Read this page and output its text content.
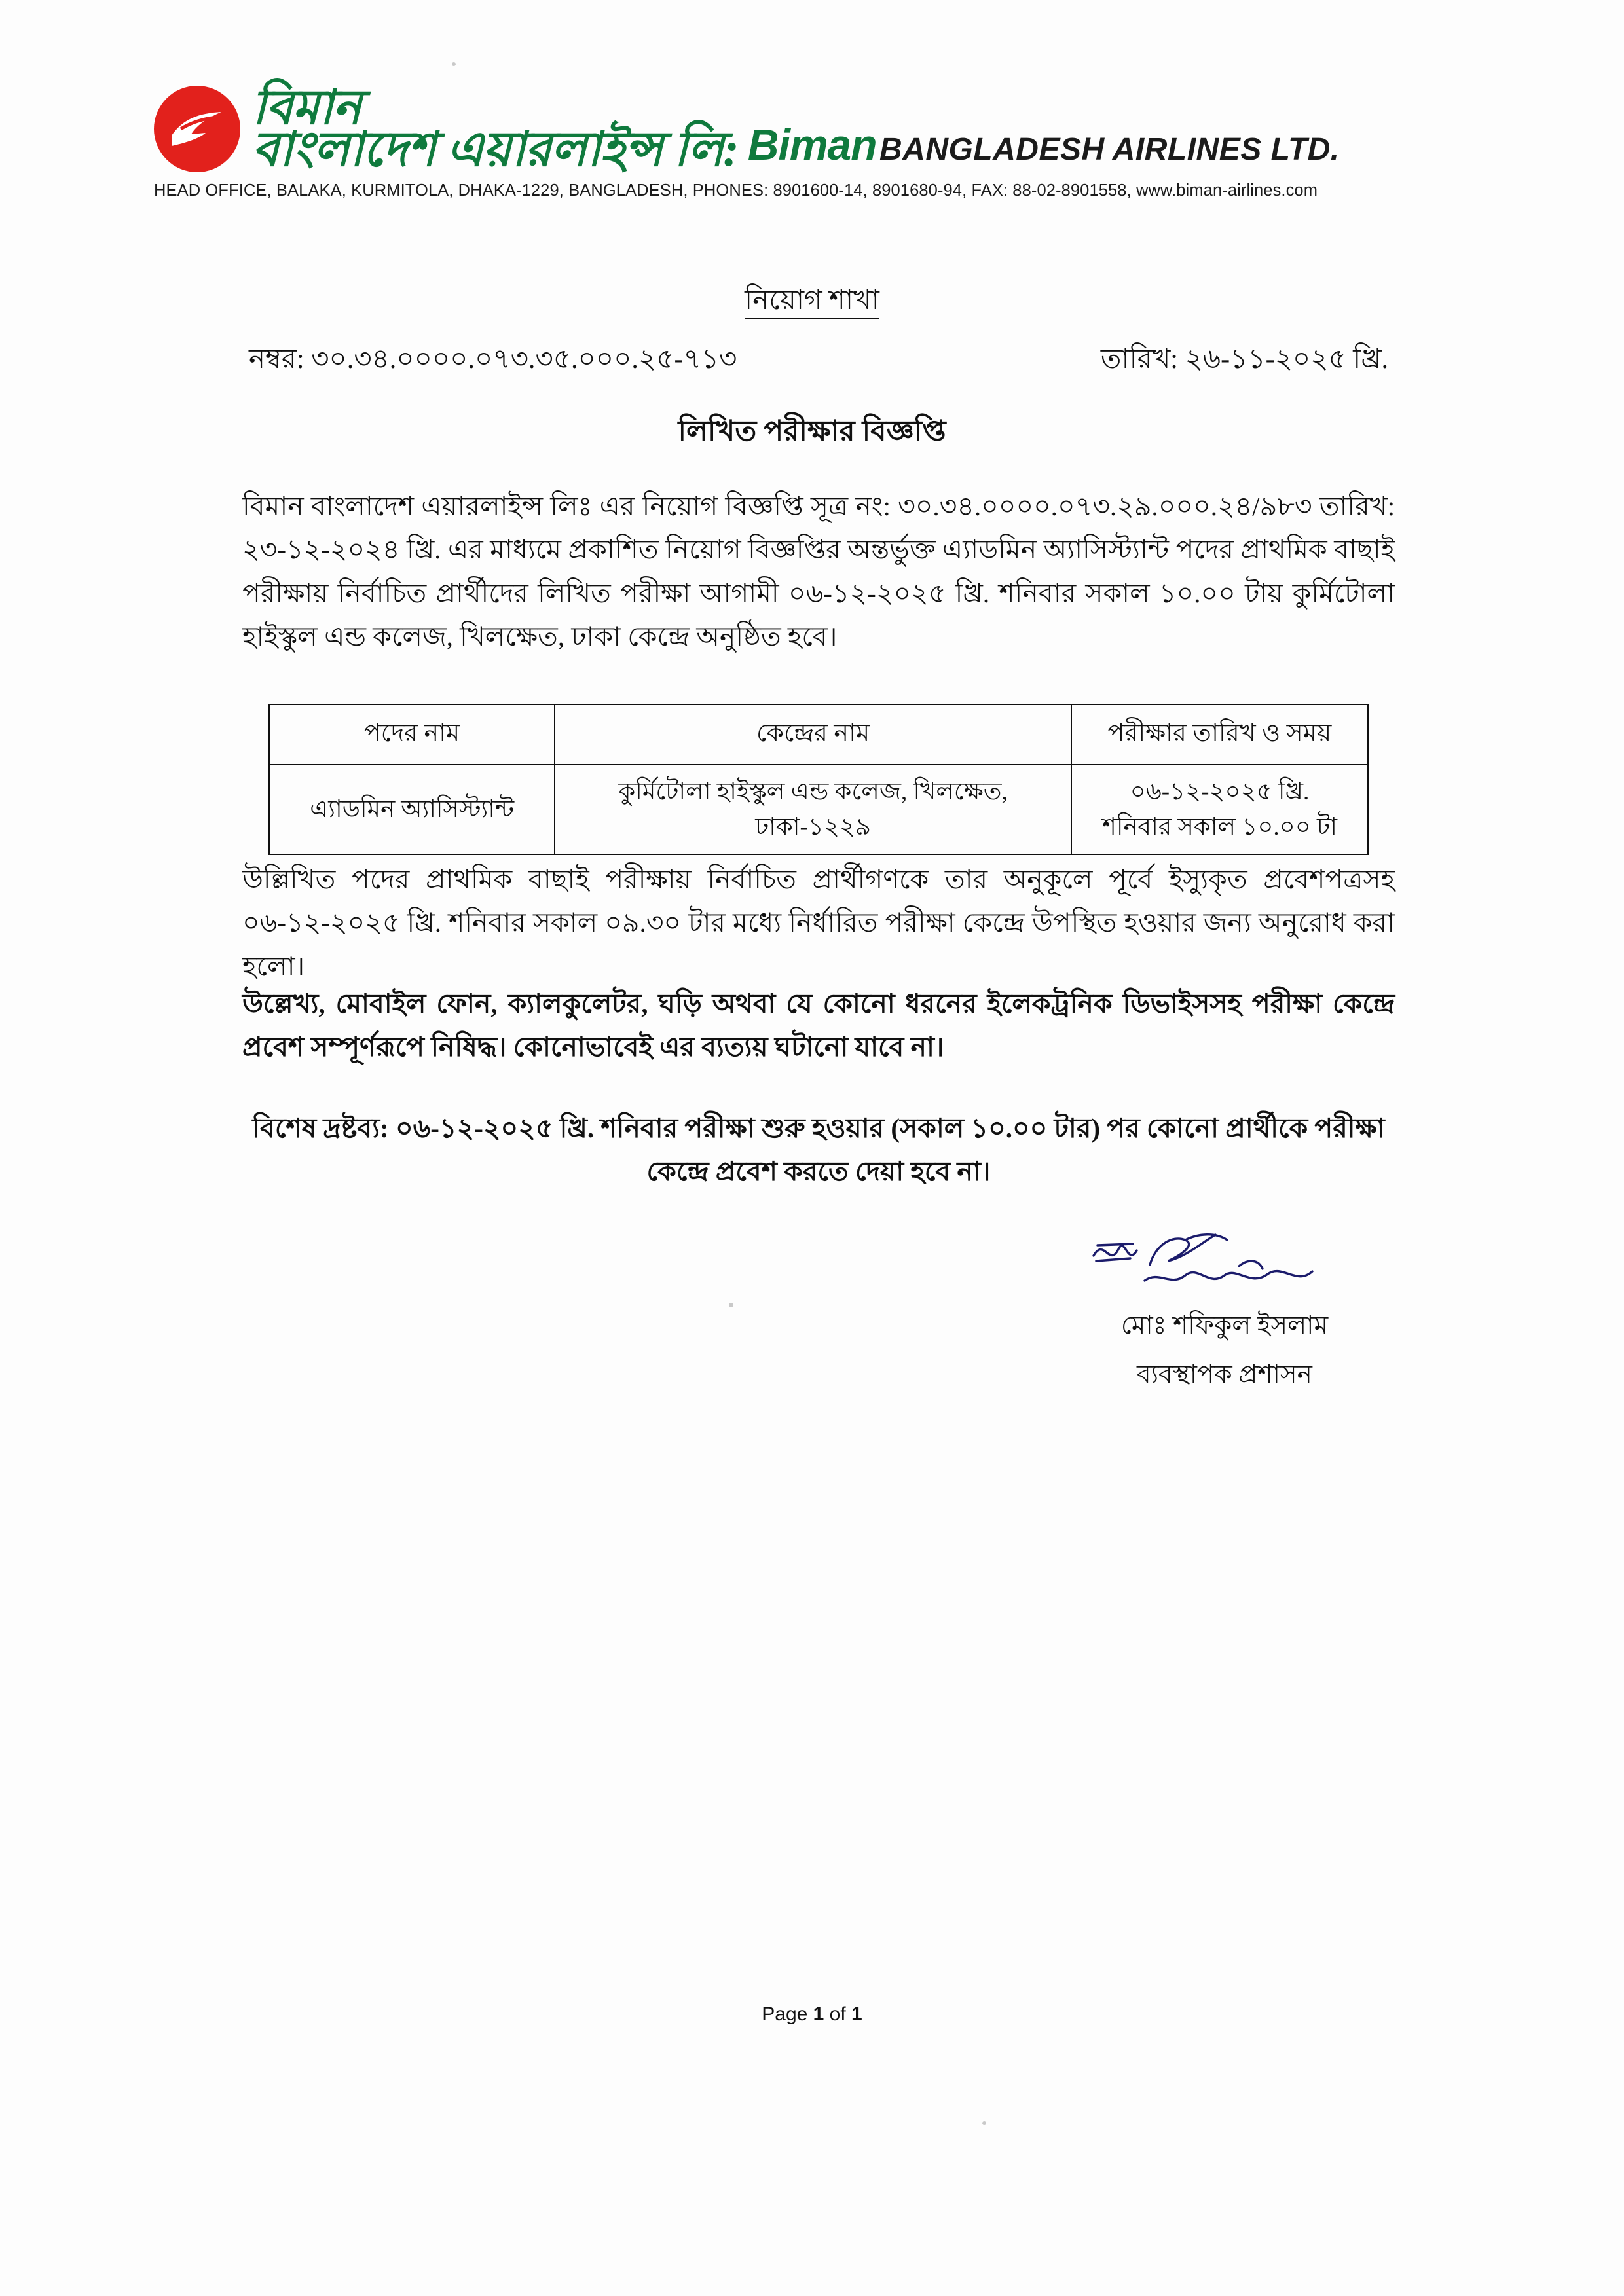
বিমান
বাংলাদেশ এয়ারলাইন্স লি: Biman BANGLADESH AIRLINES LTD.
HEAD OFFICE, BALAKA, KURMITOLA, DHAKA-1229, BANGLADESH, PHONES: 8901600-14, 8901680-94, FAX: 88-02-8901558, www.biman-airlines.com
নিয়োগ শাখা
নম্বর: ৩০.৩৪.০০০০.০৭৩.৩৫.০০০.২৫-৭১৩	তারিখ: ২৬-১১-২০২৫ খ্রি.
লিখিত পরীক্ষার বিজ্ঞপ্তি
বিমান বাংলাদেশ এয়ারলাইন্স লিঃ এর নিয়োগ বিজ্ঞপ্তি সূত্র নং: ৩০.৩৪.০০০০.০৭৩.২৯.০০০.২৪/৯৮৩ তারিখ: ২৩-১২-২০২৪ খ্রি. এর মাধ্যমে প্রকাশিত নিয়োগ বিজ্ঞপ্তির অন্তর্ভুক্ত এ্যাডমিন অ্যাসিস্ট্যান্ট পদের প্রাথমিক বাছাই পরীক্ষায় নির্বাচিত প্রার্থীদের লিখিত পরীক্ষা আগামী ০৬-১২-২০২৫ খ্রি. শনিবার সকাল ১০.০০ টায় কুর্মিটোলা হাইস্কুল এন্ড কলেজ, খিলক্ষেত, ঢাকা কেন্দ্রে অনুষ্ঠিত হবে।
পদের নাম	কেন্দ্রের নাম	পরীক্ষার তারিখ ও সময়
এ্যাডমিন অ্যাসিস্ট্যান্ট	কুর্মিটোলা হাইস্কুল এন্ড কলেজ, খিলক্ষেত, ঢাকা-১২২৯	০৬-১২-২০২৫ খ্রি.
শনিবার সকাল ১০.০০ টা
উল্লিখিত পদের প্রাথমিক বাছাই পরীক্ষায় নির্বাচিত প্রার্থীগণকে তার অনুকূলে পূর্বে ইস্যুকৃত প্রবেশপত্রসহ ০৬-১২-২০২৫ খ্রি. শনিবার সকাল ০৯.৩০ টার মধ্যে নির্ধারিত পরীক্ষা কেন্দ্রে উপস্থিত হওয়ার জন্য অনুরোধ করা হলো।
উল্লেখ্য, মোবাইল ফোন, ক্যালকুলেটর, ঘড়ি অথবা যে কোনো ধরনের ইলেকট্রনিক ডিভাইসসহ পরীক্ষা কেন্দ্রে প্রবেশ সম্পূর্ণরূপে নিষিদ্ধ। কোনোভাবেই এর ব্যত্যয় ঘটানো যাবে না।
বিশেষ দ্রষ্টব্য: ০৬-১২-২০২৫ খ্রি. শনিবার পরীক্ষা শুরু হওয়ার (সকাল ১০.০০ টার) পর কোনো প্রার্থীকে পরীক্ষা কেন্দ্রে প্রবেশ করতে দেয়া হবে না।
মোঃ শফিকুল ইসলাম
ব্যবস্থাপক প্রশাসন
Page 1 of 1
